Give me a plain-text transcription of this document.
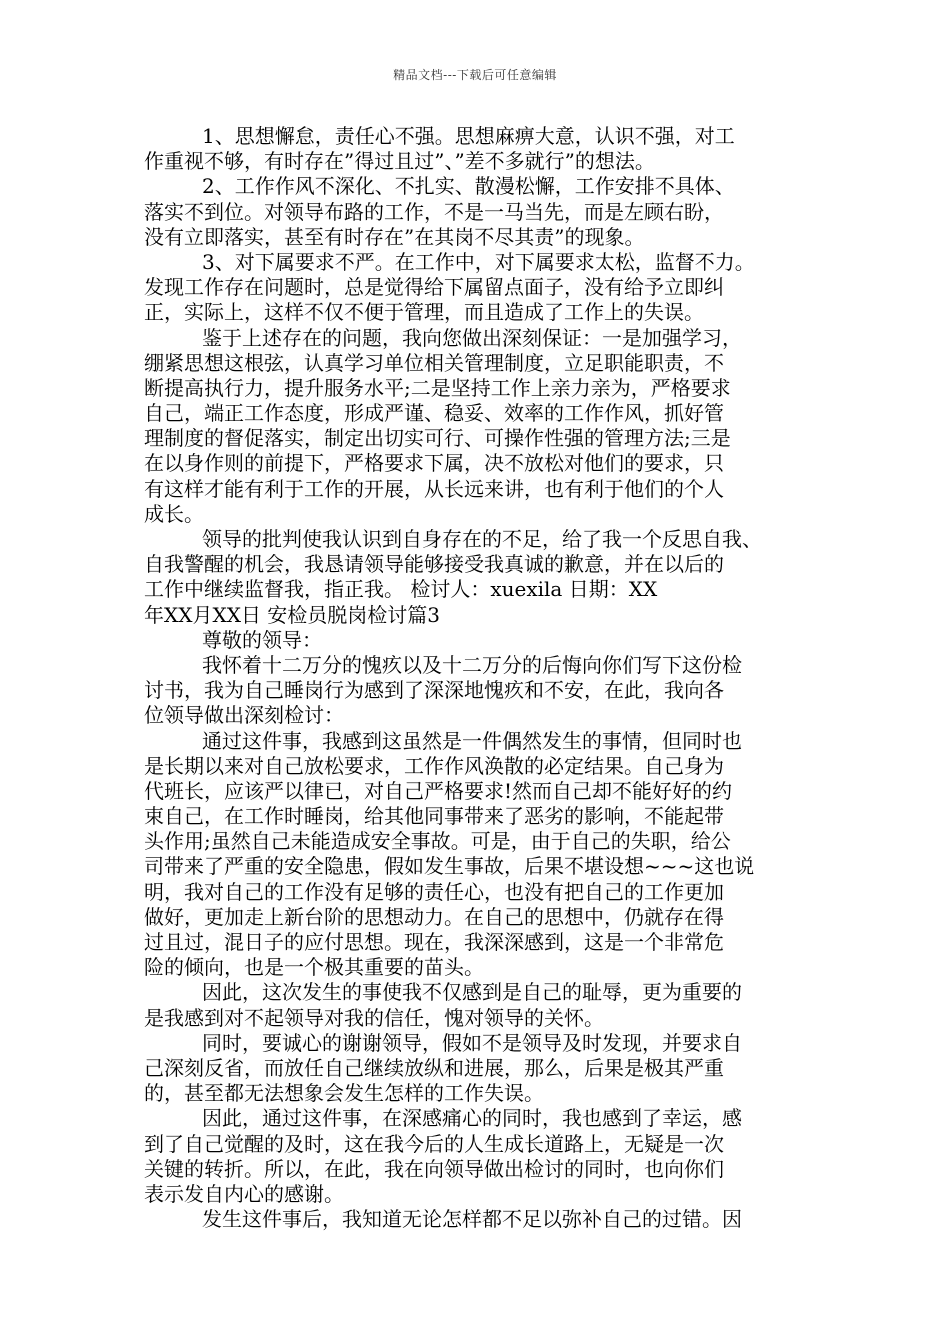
精品文档---下载后可任意编辑
1、思想懈怠，责任心不强。思想麻痹大意，认识不强，对工
作重视不够，有时存在”得过且过”、”差不多就行”的想法。
2、工作作风不深化、不扎实、散漫松懈，工作安排不具体、
落实不到位。对领导布路的工作，不是一马当先，而是左顾右盼，
没有立即落实，甚至有时存在”在其岗不尽其责”的现象。
3、对下属要求不严。在工作中，对下属要求太松，监督不力。
发现工作存在问题时，总是觉得给下属留点面子，没有给予立即纠
正，实际上，这样不仅不便于管理，而且造成了工作上的失误。
鉴于上述存在的问题，我向您做出深刻保证：一是加强学习，
绷紧思想这根弦，认真学习单位相关管理制度，立足职能职责，不
断提高执行力，提升服务水平;二是坚持工作上亲力亲为，严格要求
自己，端正工作态度，形成严谨、稳妥、效率的工作作风，抓好管
理制度的督促落实，制定出切实可行、可操作性强的管理方法;三是
在以身作则的前提下，严格要求下属，决不放松对他们的要求，只
有这样才能有利于工作的开展，从长远来讲，也有利于他们的个人
成长。
领导的批判使我认识到自身存在的不足，给了我一个反思自我、
自我警醒的机会，我恳请领导能够接受我真诚的歉意，并在以后的
工作中继续监督我，指正我。 检讨人：xuexila 日期：XX
年XX月XX日 安检员脱岗检讨篇3
尊敬的领导：
我怀着十二万分的愧疚以及十二万分的后悔向你们写下这份检
讨书，我为自己睡岗行为感到了深深地愧疚和不安，在此，我向各
位领导做出深刻检讨：
通过这件事，我感到这虽然是一件偶然发生的事情，但同时也
是长期以来对自己放松要求，工作作风涣散的必定结果。自己身为
代班长，应该严以律已，对自己严格要求!然而自己却不能好好的约
束自己，在工作时睡岗，给其他同事带来了恶劣的影响，不能起带
头作用;虽然自己未能造成安全事故。可是，由于自己的失职，给公
司带来了严重的安全隐患，假如发生事故，后果不堪设想~~~这也说
明，我对自己的工作没有足够的责任心，也没有把自己的工作更加
做好，更加走上新台阶的思想动力。在自己的思想中，仍就存在得
过且过，混日子的应付思想。现在，我深深感到，这是一个非常危
险的倾向，也是一个极其重要的苗头。
因此，这次发生的事使我不仅感到是自己的耻辱，更为重要的
是我感到对不起领导对我的信任，愧对领导的关怀。
同时，要诚心的谢谢领导，假如不是领导及时发现，并要求自
己深刻反省，而放任自己继续放纵和进展，那么，后果是极其严重
的，甚至都无法想象会发生怎样的工作失误。
因此，通过这件事，在深感痛心的同时，我也感到了幸运，感
到了自己觉醒的及时，这在我今后的人生成长道路上，无疑是一次
关键的转折。所以，在此，我在向领导做出检讨的同时，也向你们
表示发自内心的感谢。
发生这件事后，我知道无论怎样都不足以弥补自己的过错。因
